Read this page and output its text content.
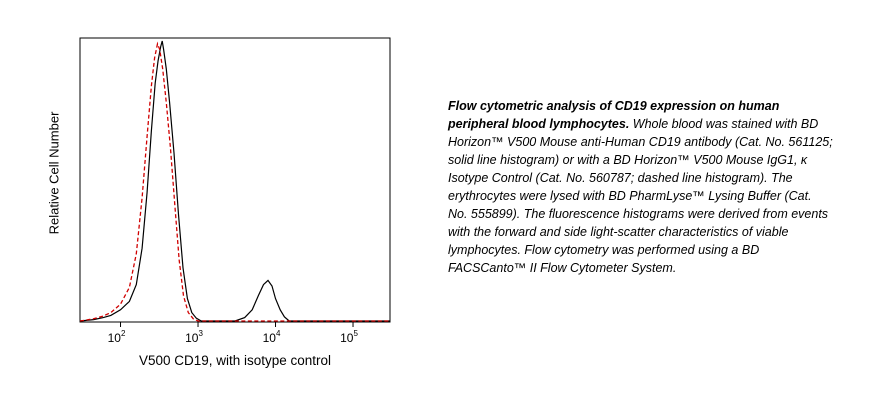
$10^2$	$10^3$	$10^4$	$10^5$
Relative Cell Number
V500 CD19, with isotype control
Flow cytometric analysis of CD19 expression on human peripheral blood lymphocytes. Whole blood was stained with BD Horizon™ V500 Mouse anti-Human CD19 antibody (Cat. No. 561125; solid line histogram) or with a BD Horizon™ V500 Mouse IgG1, κ Isotype Control (Cat. No. 560787; dashed line histogram). The erythrocytes were lysed with BD PharmLyse™ Lysing Buffer (Cat. No. 555899). The fluorescence histograms were derived from events with the forward and side light-scatter characteristics of viable lymphocytes. Flow cytometry was performed using a BD FACSCanto™ II Flow Cytometer System.
